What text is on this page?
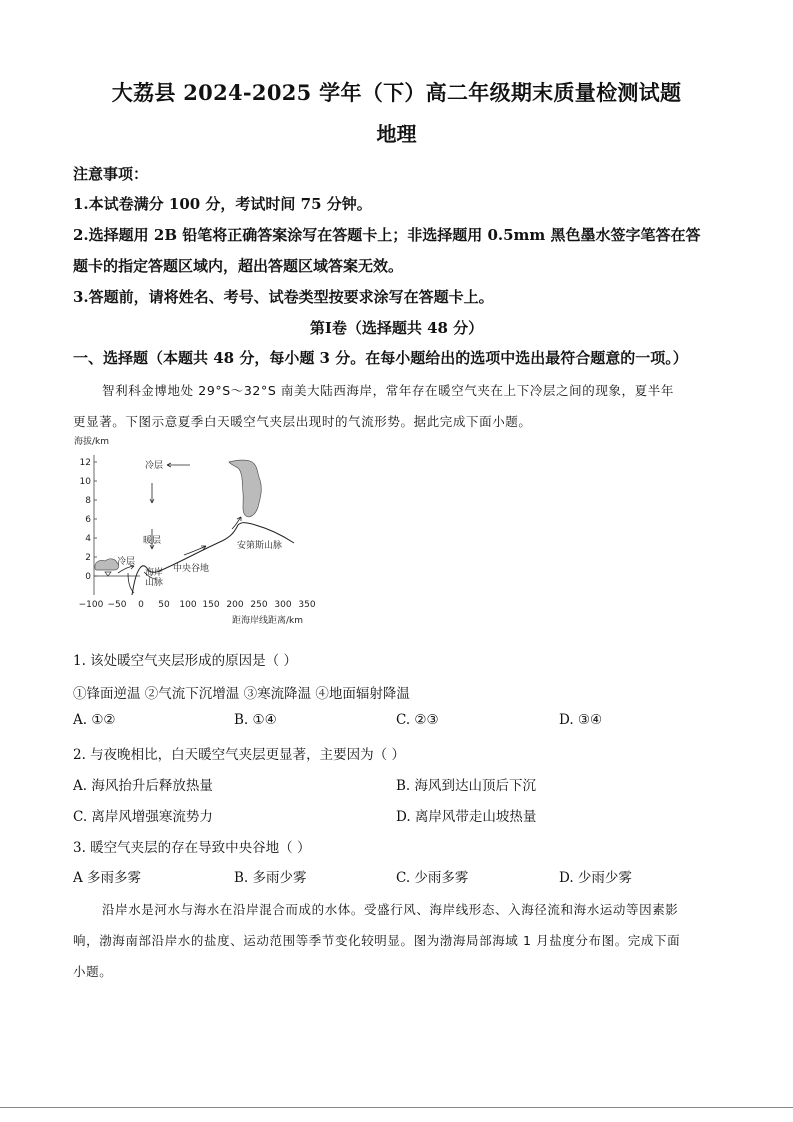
大荔县 2024-2025 学年（下）高二年级期末质量检测试题
地理
注意事项：
1.本试卷满分 100 分，考试时间 75 分钟。
2.选择题用 2B 铅笔将正确答案涂写在答题卡上；非选择题用 0.5mm 黑色墨水签字笔答在答
题卡的指定答题区域内，超出答题区域答案无效。
3.答题前，请将姓名、考号、试卷类型按要求涂写在答题卡上。
第Ⅰ卷（选择题共 48 分）
一、选择题（本题共 48 分，每小题 3 分。在每小题给出的选项中选出最符合题意的一项。）
智利科金博地处 29°S～32°S 南美大陆西海岸，常年存在暖空气夹在上下冷层之间的现象，夏半年
更显著。下图示意夏季白天暖空气夹层出现时的气流形势。据此完成下面小题。
海拔/km
12
10
8
6
4
2
0
−100 −50 0 50 100 150 200 250 300 350
距海岸线距离/km
冷层
暖层
冷层
海岸
山脉
中央谷地
安第斯山脉
1. 该处暖空气夹层形成的原因是（ ）
①锋面逆温 ②气流下沉增温 ③寒流降温 ④地面辐射降温
A. ①②	B. ①④	C. ②③	D. ③④
2. 与夜晚相比，白天暖空气夹层更显著，主要因为（ ）
A. 海风抬升后释放热量	B. 海风到达山顶后下沉
C. 离岸风增强寒流势力	D. 离岸风带走山坡热量
3. 暖空气夹层的存在导致中央谷地（ ）
A 多雨多雾	B. 多雨少雾	C. 少雨多雾	D. 少雨少雾
沿岸水是河水与海水在沿岸混合而成的水体。受盛行风、海岸线形态、入海径流和海水运动等因素影
响，渤海南部沿岸水的盐度、运动范围等季节变化较明显。图为渤海局部海域 1 月盐度分布图。完成下面
小题。
